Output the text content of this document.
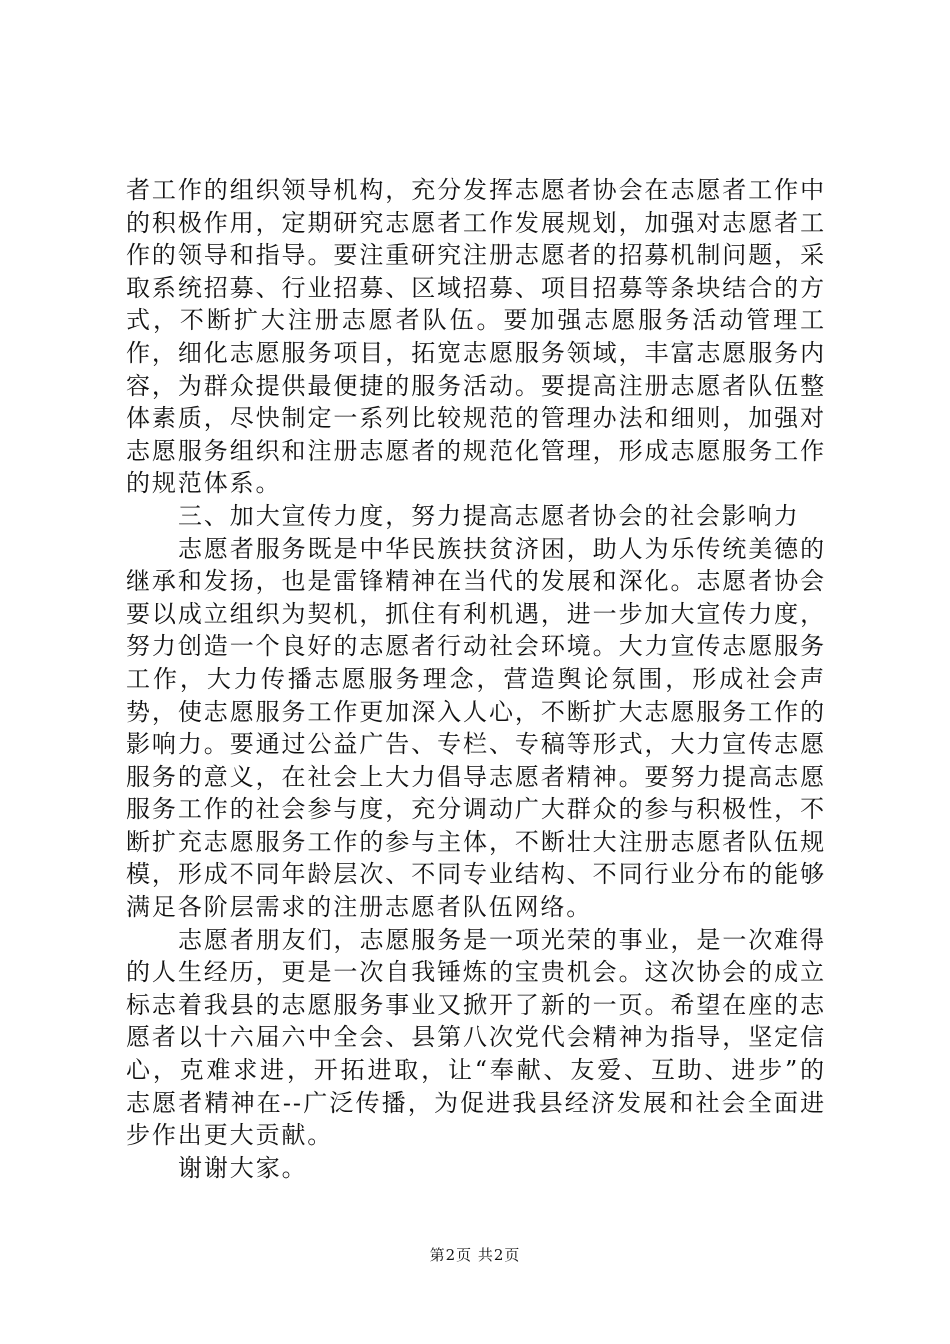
者工作的组织领导机构，充分发挥志愿者协会在志愿者工作中的积极作用，定期研究志愿者工作发展规划，加强对志愿者工作的领导和指导。要注重研究注册志愿者的招募机制问题，采取系统招募、行业招募、区域招募、项目招募等条块结合的方式，不断扩大注册志愿者队伍。要加强志愿服务活动管理工作，细化志愿服务项目，拓宽志愿服务领域，丰富志愿服务内容，为群众提供最便捷的服务活动。要提高注册志愿者队伍整体素质，尽快制定一系列比较规范的管理办法和细则，加强对志愿服务组织和注册志愿者的规范化管理，形成志愿服务工作的规范体系。

三、加大宣传力度，努力提高志愿者协会的社会影响力

志愿者服务既是中华民族扶贫济困，助人为乐传统美德的继承和发扬，也是雷锋精神在当代的发展和深化。志愿者协会要以成立组织为契机，抓住有利机遇，进一步加大宣传力度，努力创造一个良好的志愿者行动社会环境。大力宣传志愿服务工作，大力传播志愿服务理念，营造舆论氛围，形成社会声势，使志愿服务工作更加深入人心，不断扩大志愿服务工作的影响力。要通过公益广告、专栏、专稿等形式，大力宣传志愿服务的意义，在社会上大力倡导志愿者精神。要努力提高志愿服务工作的社会参与度，充分调动广大群众的参与积极性，不断扩充志愿服务工作的参与主体，不断壮大注册志愿者队伍规模，形成不同年龄层次、不同专业结构、不同行业分布的能够满足各阶层需求的注册志愿者队伍网络。

志愿者朋友们，志愿服务是一项光荣的事业，是一次难得的人生经历，更是一次自我锤炼的宝贵机会。这次协会的成立标志着我县的志愿服务事业又掀开了新的一页。希望在座的志愿者以十六届六中全会、县第八次党代会精神为指导，坚定信心，克难求进，开拓进取，让“奉献、友爱、互助、进步”的志愿者精神在--广泛传播，为促进我县经济发展和社会全面进步作出更大贡献。

谢谢大家。

第2页 共2页
